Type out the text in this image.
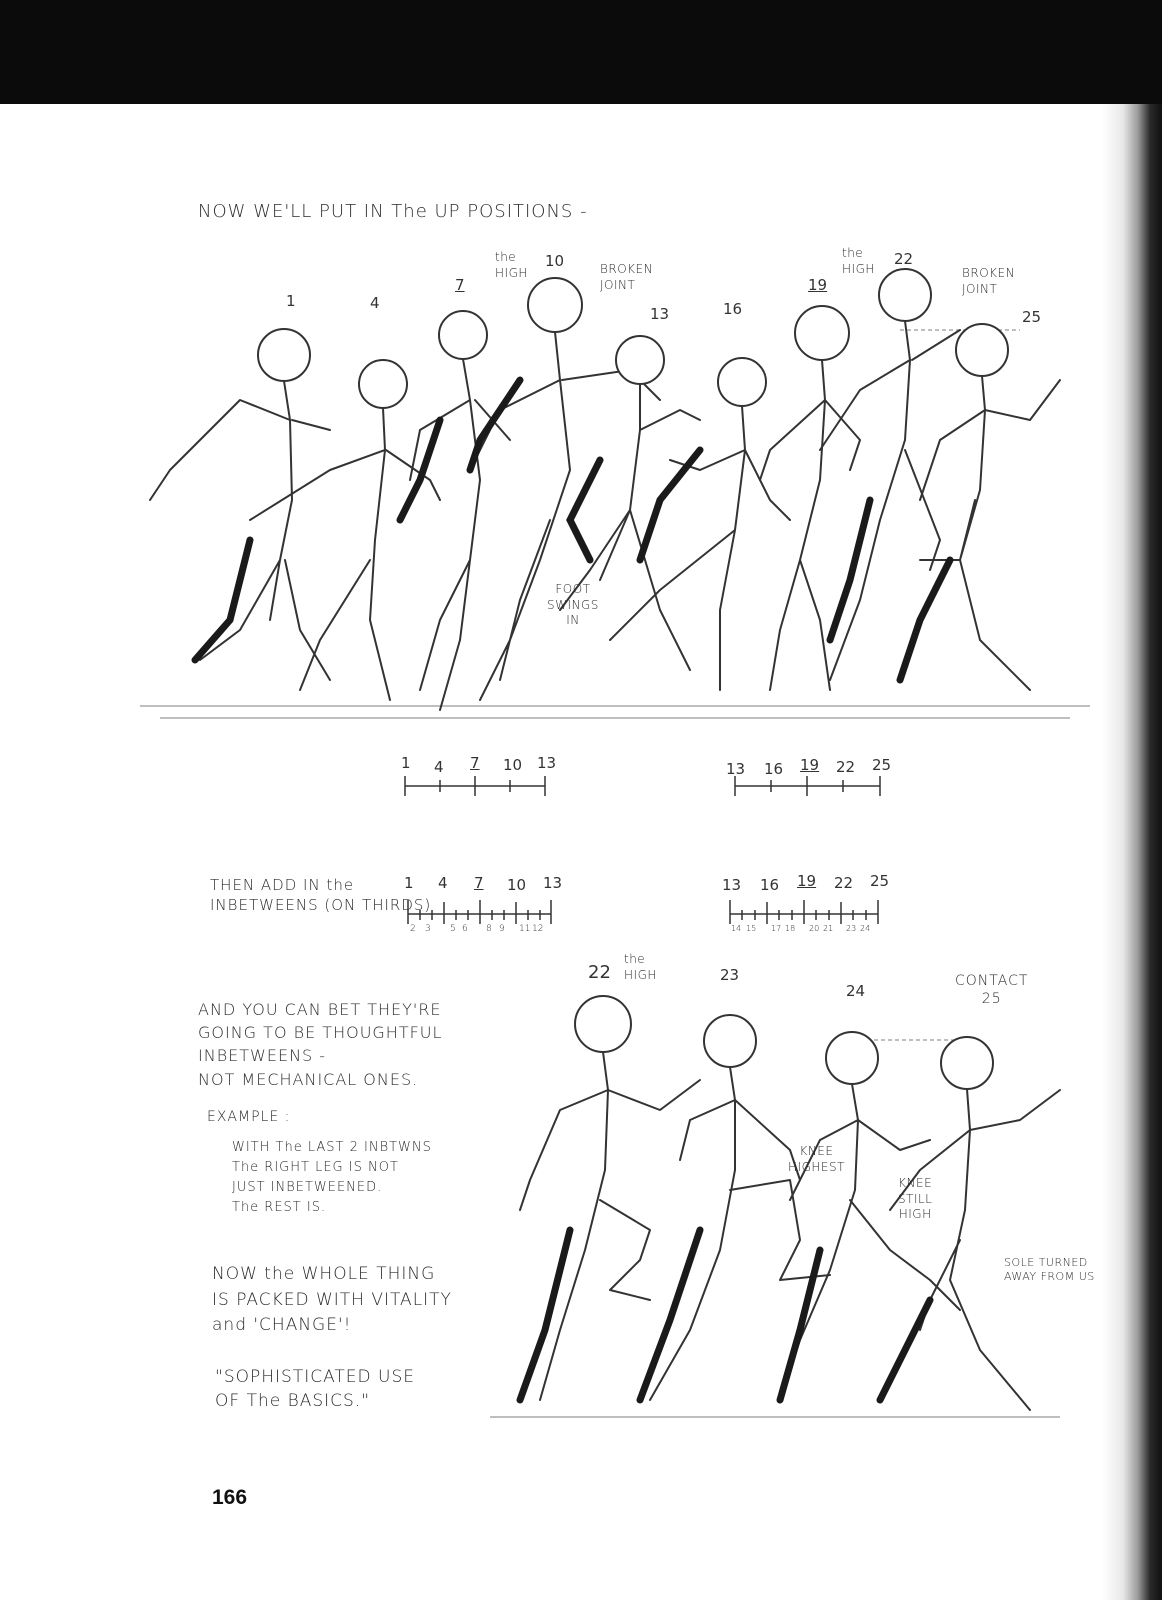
NOW WE'LL PUT IN The UP POSITIONS -
1	4
7
the
HIGH
10	BROKEN
JOINT
13	16
19
the
HIGH
22
BROKEN
JOINT
25
FOOT
SWINGS
IN
1 4 7 10 13	13 16 19 22 25
THEN ADD IN the
INBETWEENS (ON THIRDS)
1 4 7 10 13
2 3 5 6 8 9 11 12
13 16 19 22 25
14 15 17 18 20 21 23 24
22
the
HIGH	23
24
CONTACT
25
KNEE
HIGHEST
KNEE
STILL
HIGH
SOLE TURNED
AWAY FROM US
AND YOU CAN BET THEY'RE
GOING TO BE THOUGHTFUL
INBETWEENS -
NOT MECHANICAL ONES.
EXAMPLE :
WITH The LAST 2 INBTWNS
The RIGHT LEG IS NOT
JUST INBETWEENED.
The REST IS.
NOW the WHOLE THING
IS PACKED WITH VITALITY
and 'CHANGE'!
"SOPHISTICATED USE
OF The BASICS."
166
